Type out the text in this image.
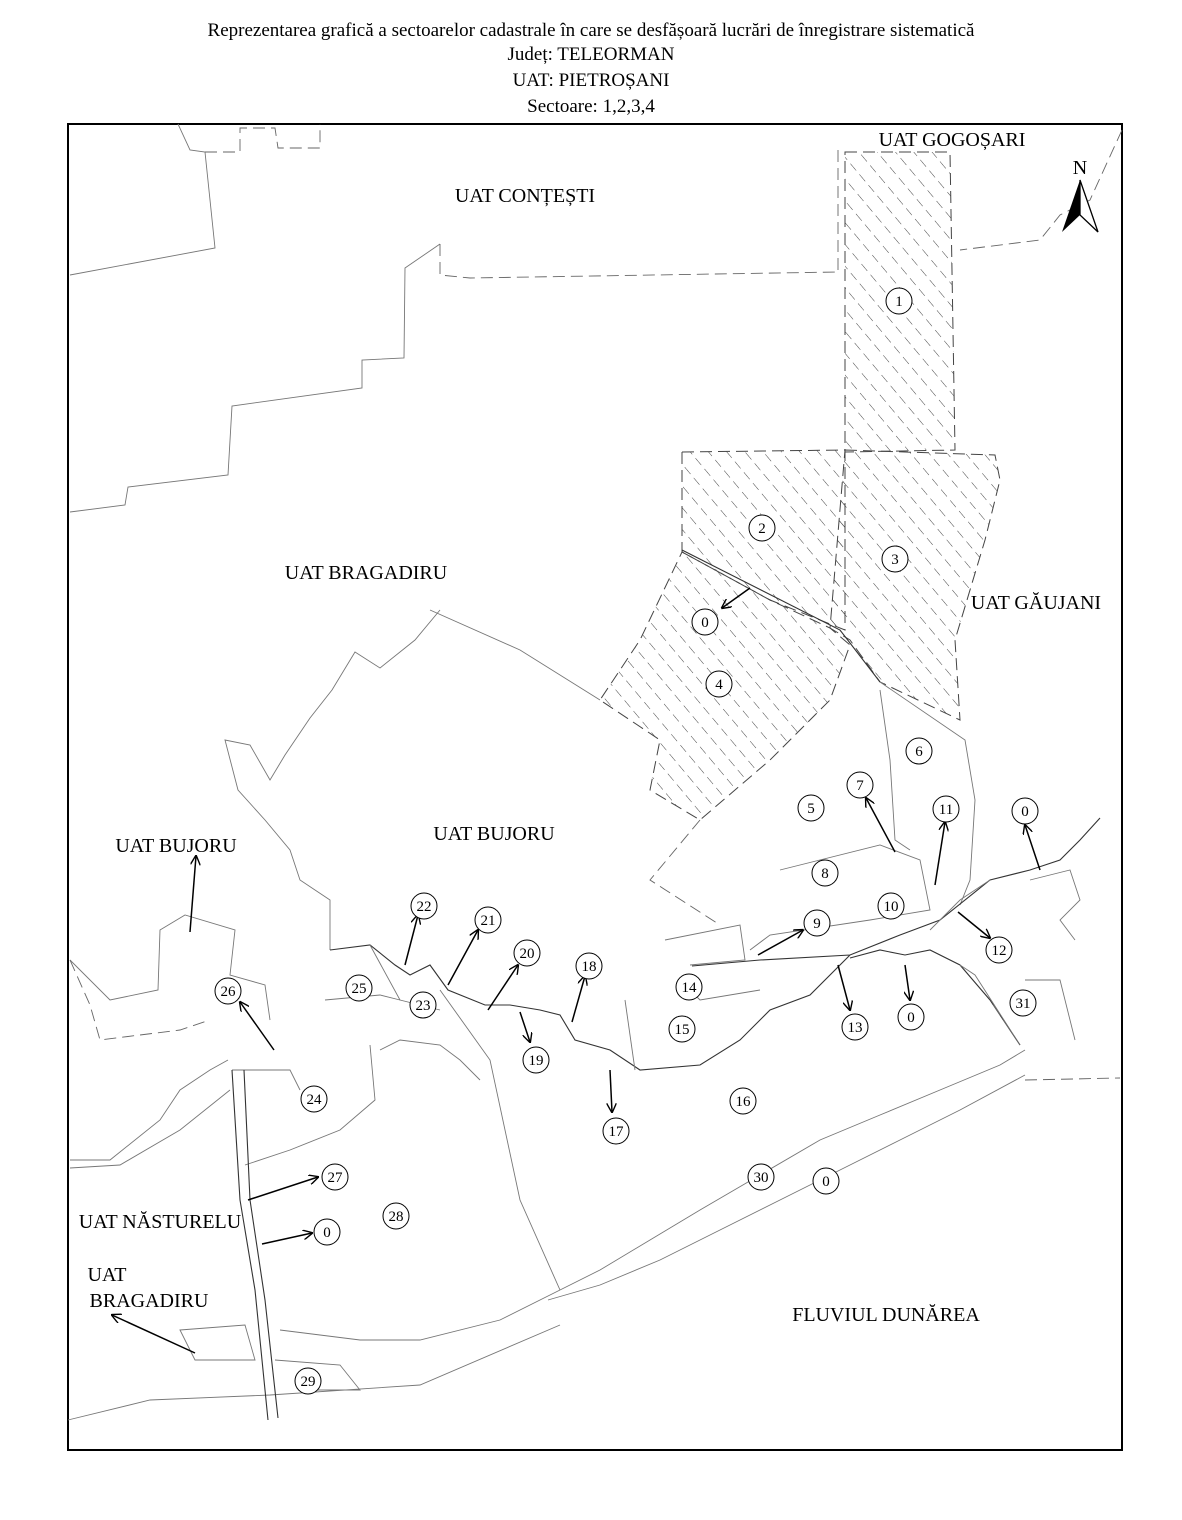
Reprezentarea grafică a sectoarelor cadastrale în care se desfășoară lucrări de înregistrare sistematică
Județ: TELEORMAN
UAT: PIETROȘANI
Sectoare: 1,2,3,4
N
UAT GOGOȘARI
UAT CONȚEȘTI
UAT BRAGADIRU
UAT GĂUJANI
UAT BUJORU
UAT BUJORU
UAT NĂSTURELU
UAT
BRAGADIRU
FLUVIUL DUNĂREA
1
2
3
4
0
5
6
7
8
9
10
11	0
12
13
0
14
15
16
17
18
19
20
21
22
23
24
25
26
27
0
28
29
30	0
31
